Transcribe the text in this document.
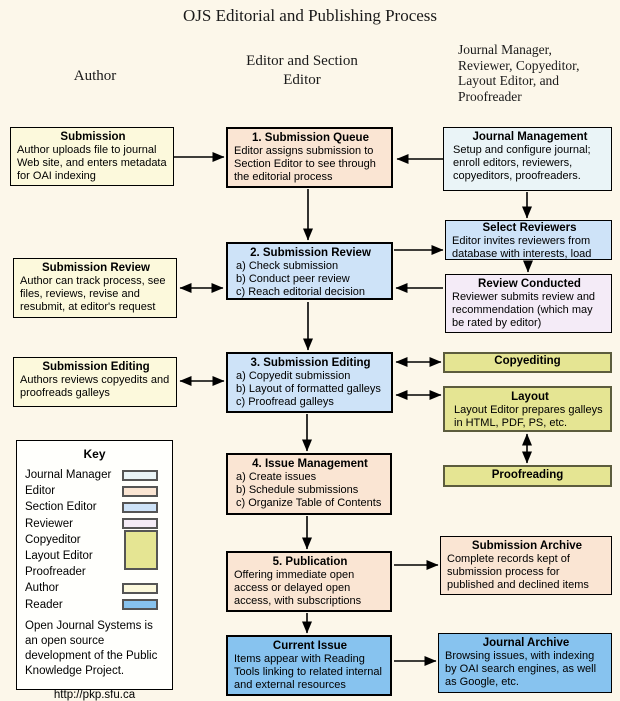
OJS Editorial and Publishing Process
Author
Editor and Section Editor
Journal Manager, Reviewer, Copyeditor, Layout Editor, and Proofreader
Submission
Author uploads file to journal Web site, and enters metadata for OAI indexing
Submission Review
Author can track process, see files, reviews, revise and resubmit, at editor's request
Submission Editing
Authors reviews copyedits and proofreads galleys
1. Submission Queue
Editor assigns submission to Section Editor to see through the editorial process
2. Submission Review
a) Check submission
b) Conduct peer review
c) Reach editorial decision
3. Submission Editing
a) Copyedit submission
b) Layout of formatted galleys
c) Proofread galleys
4. Issue Management
a) Create issues
b) Schedule submissions
c) Organize Table of Contents
5. Publication
Offering immediate open access or delayed open access, with subscriptions
Current Issue
Items appear with Reading Tools linking to related internal and external resources
Journal Management
Setup and configure journal; enroll editors, reviewers, copyeditors, proofreaders.
Select Reviewers
Editor invites reviewers from database with interests, load
Review Conducted
Reviewer submits review and recommendation (which may be rated by editor)
Copyediting
Layout
Layout Editor prepares galleys in HTML, PDF, PS, etc.
Proofreading
Submission Archive
Complete records kept of submission process for published and declined items
Journal Archive
Browsing issues, with indexing by OAI search engines, as well as Google, etc.
Key
Journal Manager
Editor
Section Editor
Reviewer
Copyeditor
Layout Editor
Proofreader
Author
Reader
Open Journal Systems is an open source development of the Public Knowledge Project.
http://pkp.sfu.ca
